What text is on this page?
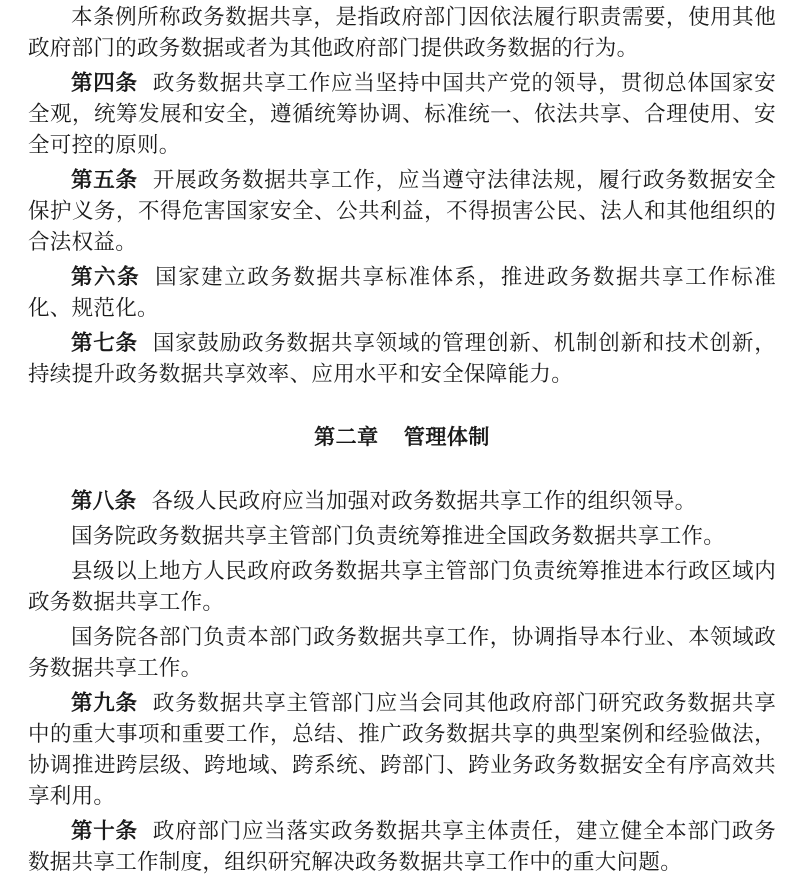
本条例所称政务数据共享，是指政府部门因依法履行职责需要，使用其他政府部门的政务数据或者为其他政府部门提供政务数据的行为。

第四条 政务数据共享工作应当坚持中国共产党的领导，贯彻总体国家安全观，统筹发展和安全，遵循统筹协调、标准统一、依法共享、合理使用、安全可控的原则。

第五条 开展政务数据共享工作，应当遵守法律法规，履行政务数据安全保护义务，不得危害国家安全、公共利益，不得损害公民、法人和其他组织的合法权益。

第六条 国家建立政务数据共享标准体系，推进政务数据共享工作标准化、规范化。

第七条 国家鼓励政务数据共享领域的管理创新、机制创新和技术创新，持续提升政务数据共享效率、应用水平和安全保障能力。

第二章 管理体制

第八条 各级人民政府应当加强对政务数据共享工作的组织领导。

国务院政务数据共享主管部门负责统筹推进全国政务数据共享工作。

县级以上地方人民政府政务数据共享主管部门负责统筹推进本行政区域内政务数据共享工作。

国务院各部门负责本部门政务数据共享工作，协调指导本行业、本领域政务数据共享工作。

第九条 政务数据共享主管部门应当会同其他政府部门研究政务数据共享中的重大事项和重要工作，总结、推广政务数据共享的典型案例和经验做法，协调推进跨层级、跨地域、跨系统、跨部门、跨业务政务数据安全有序高效共享利用。

第十条 政府部门应当落实政务数据共享主体责任，建立健全本部门政务数据共享工作制度，组织研究解决政务数据共享工作中的重大问题。
